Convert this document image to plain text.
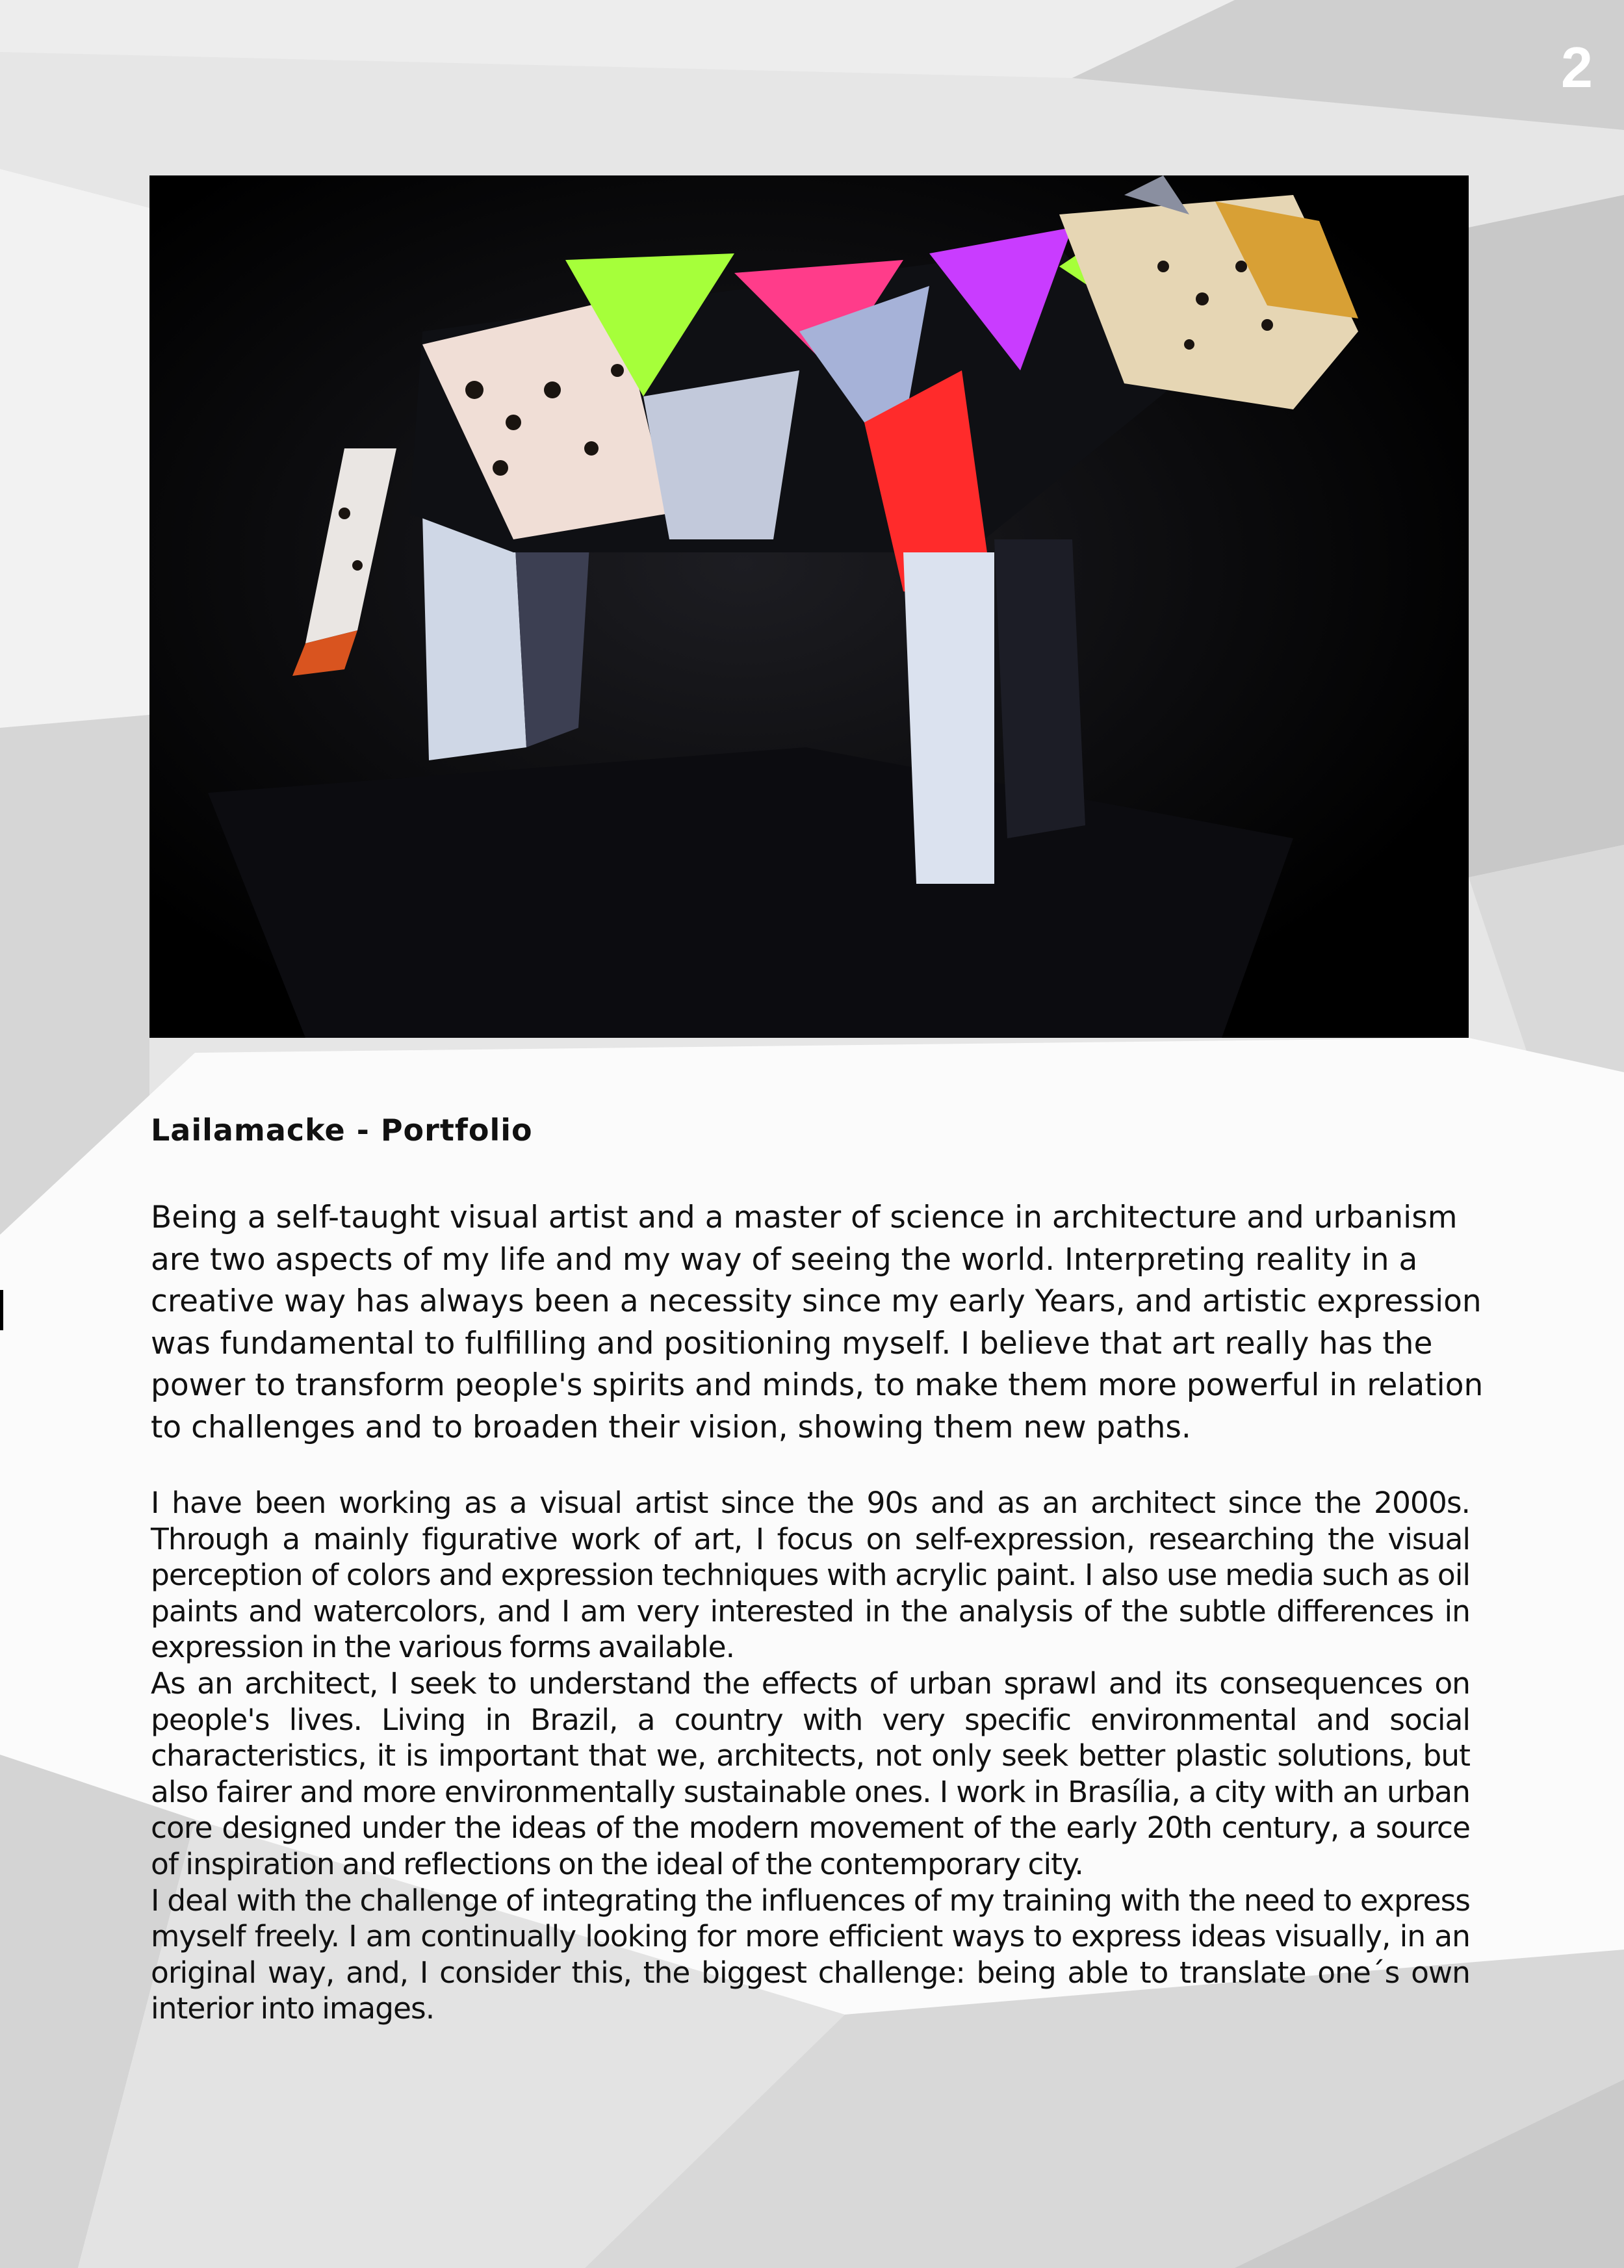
2
Lailamacke - Portfolio

Being a self-taught visual artist and a master of science in architecture and urbanism are two aspects of my life and my way of seeing the world. Interpreting reality in a creative way has always been a necessity since my early Years, and artistic expression was fundamental to fulfilling and positioning myself. I believe that art really has the power to transform people's spirits and minds, to make them more powerful in relation to challenges and to broaden their vision, showing them new paths.

I have been working as a visual artist since the 90s and as an architect since the 2000s. Through a mainly figurative work of art, I focus on self-expression, researching the visual perception of colors and expression techniques with acrylic paint. I also use media such as oil paints and watercolors, and I am very interested in the analysis of the subtle differences in expression in the various forms available.
As an architect, I seek to understand the effects of urban sprawl and its consequences on people's lives. Living in Brazil, a country with very specific environmental and social characteristics, it is important that we, architects, not only seek better plastic solutions, but also fairer and more environmentally sustainable ones. I work in Brasília, a city with an urban core designed under the ideas of the modern movement of the early 20th century, a source of inspiration and reflections on the ideal of the contemporary city.
I deal with the challenge of integrating the influences of my training with the need to express myself freely. I am continually looking for more efficient ways to express ideas visually, in an original way, and, I consider this, the biggest challenge: being able to translate one´s own interior into images.
